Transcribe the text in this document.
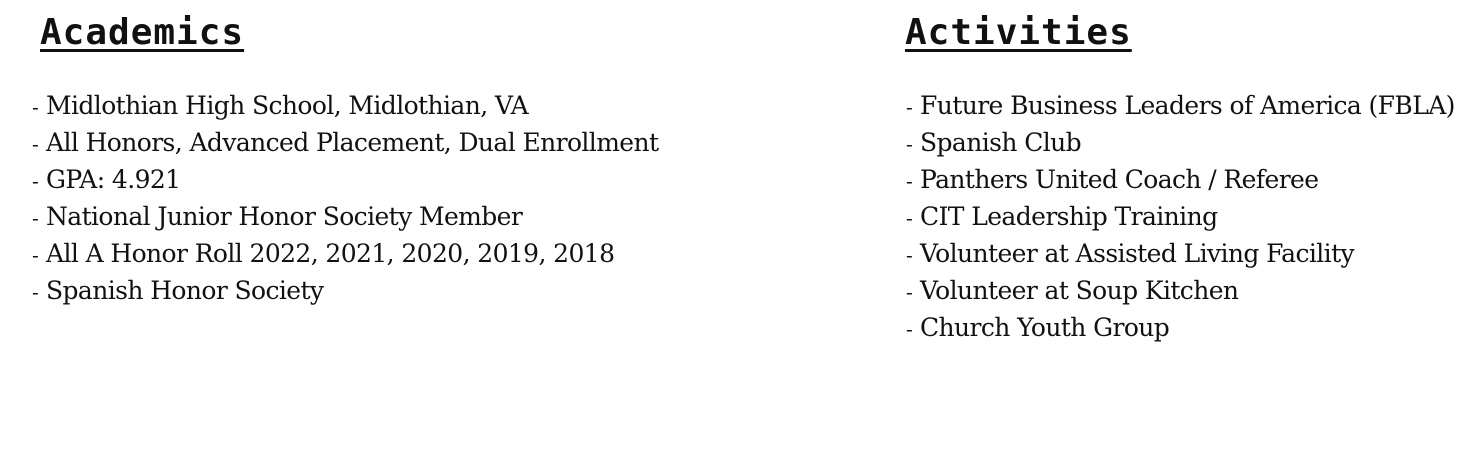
Academics
- Midlothian High School, Midlothian, VA
- All Honors, Advanced Placement, Dual Enrollment
- GPA: 4.921
- National Junior Honor Society Member
- All A Honor Roll 2022, 2021, 2020, 2019, 2018
- Spanish Honor Society
Activities
- Future Business Leaders of America (FBLA)
- Spanish Club
- Panthers United Coach / Referee
- CIT Leadership Training
- Volunteer at Assisted Living Facility
- Volunteer at Soup Kitchen
- Church Youth Group
